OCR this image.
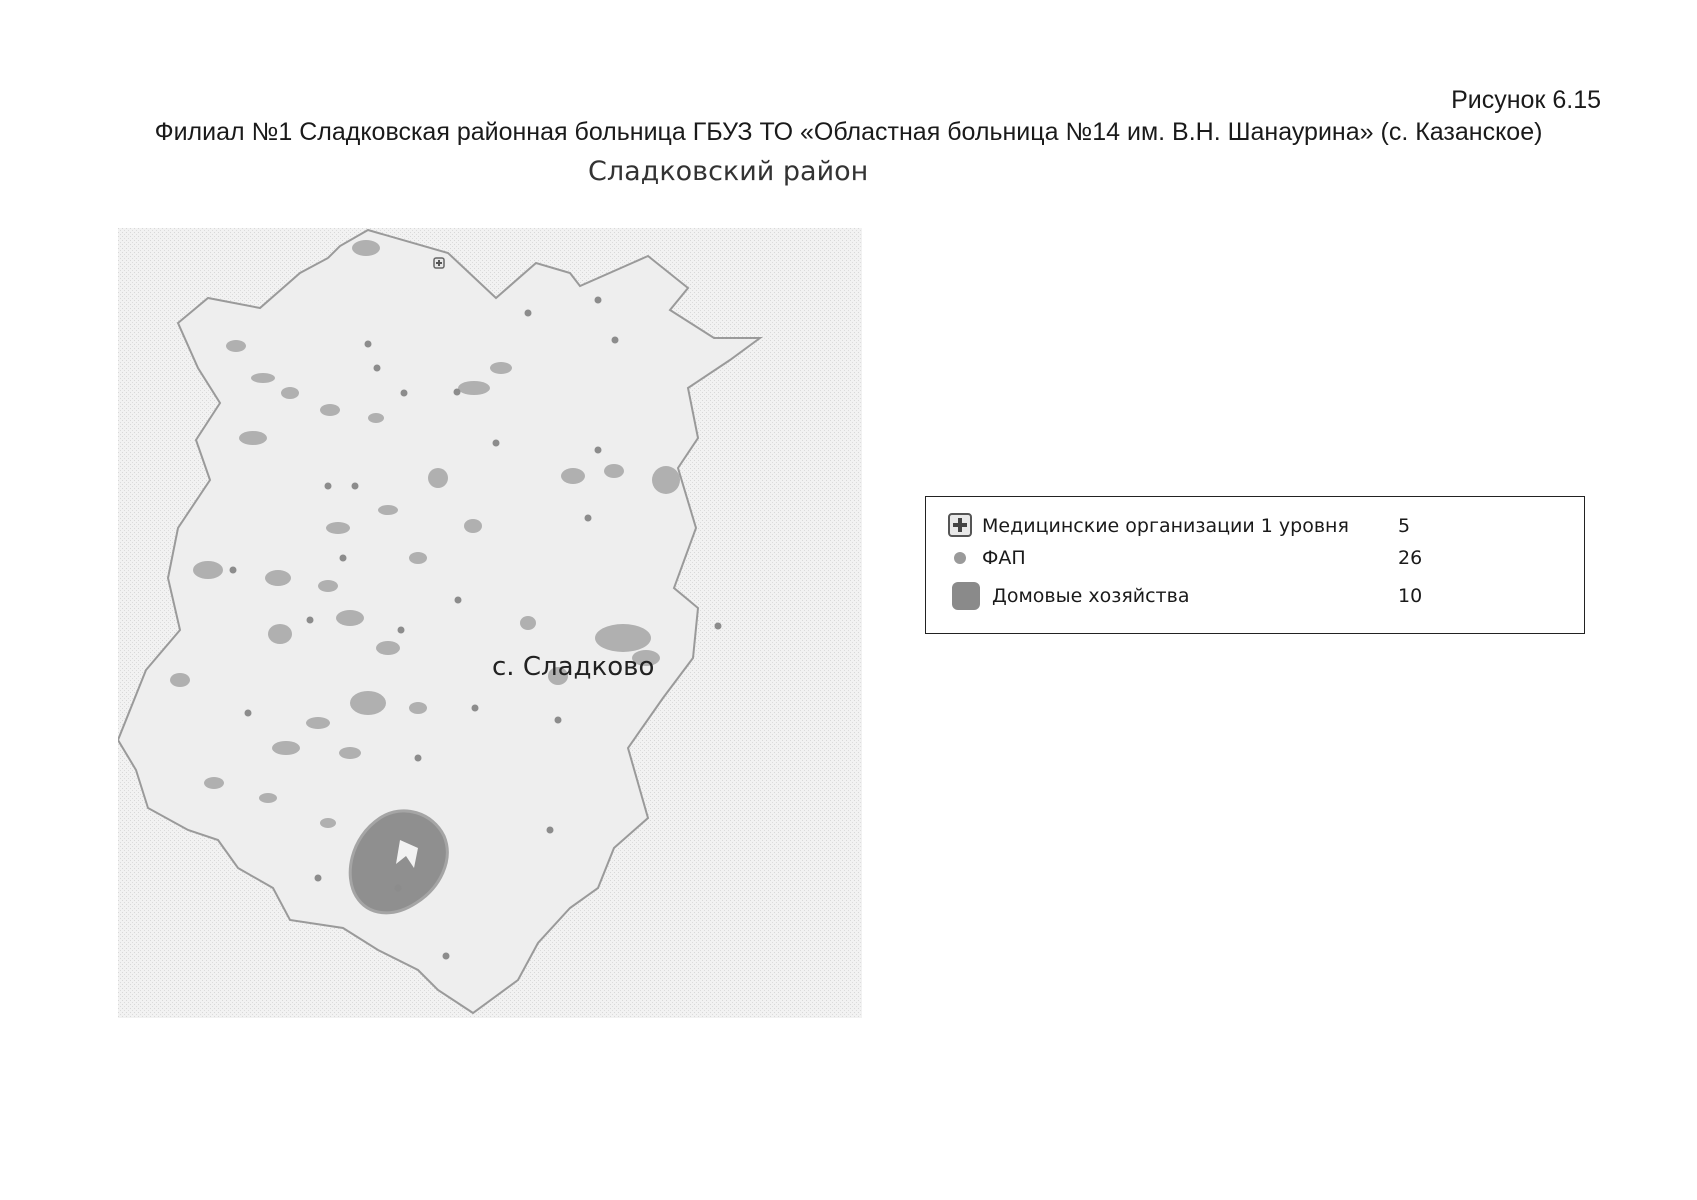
Рисунок 6.15
Филиал №1 Сладковская районная больница ГБУЗ ТО «Областная больница №14 им. В.Н. Шанаурина» (с. Казанское)
Сладковский район
с. Сладково
Медицинские организации 1 уровня	5
ФАП	26
Домовые хозяйства	10
